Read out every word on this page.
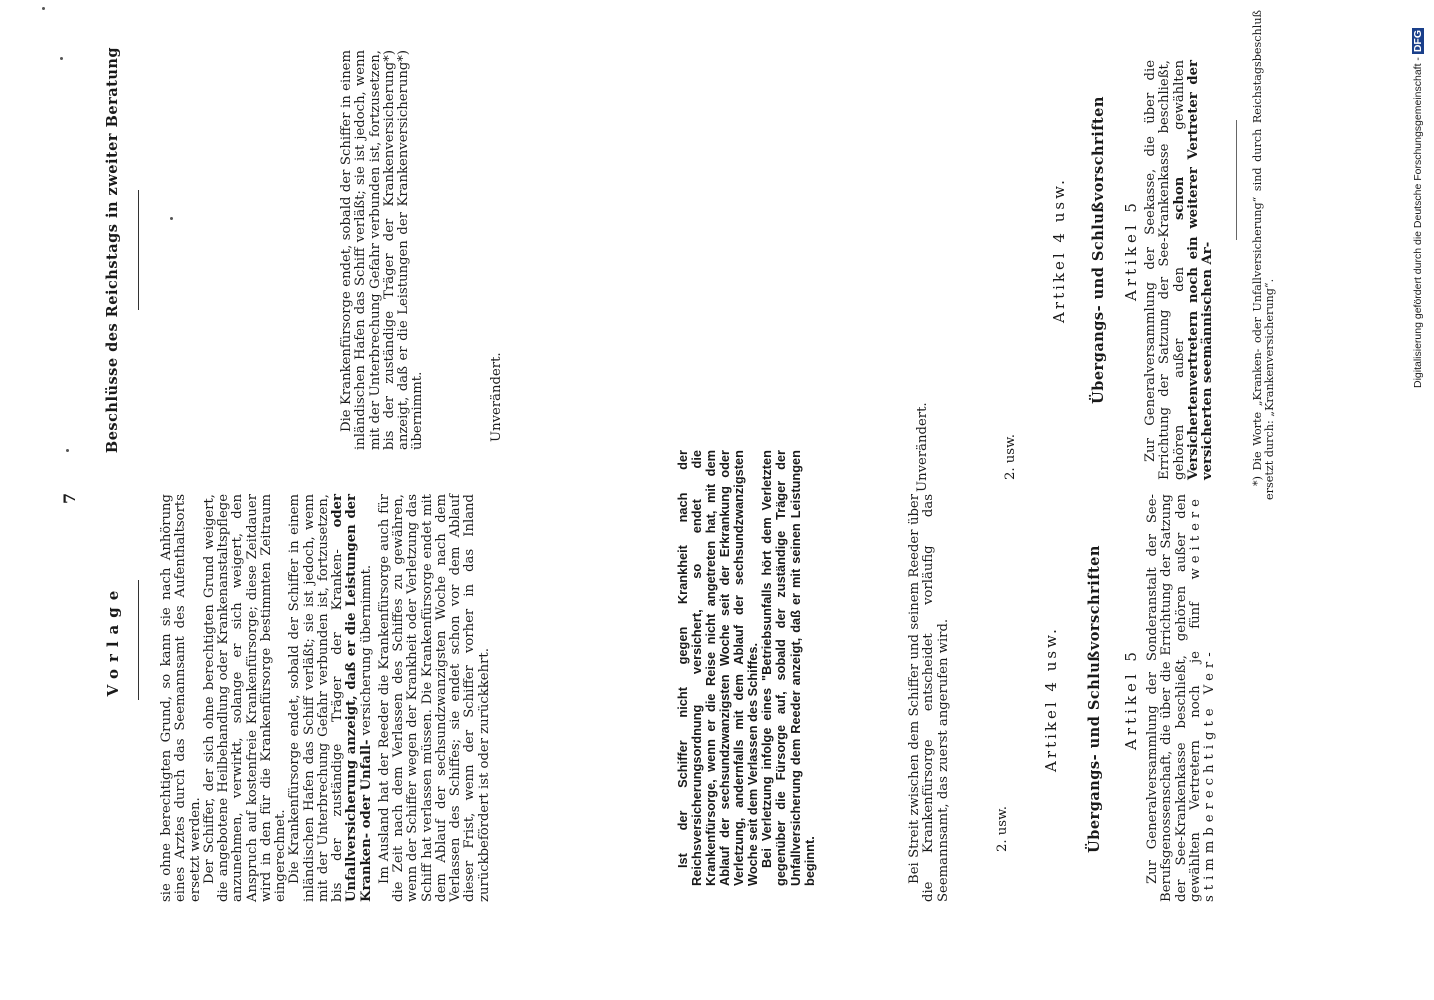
7
Vorlage	sie ohne berechtigten Grund, so kann sie nach Anhörung eines Arztes durch das Seemannsamt des Aufenthaltsorts ersetzt werden. Der Schiffer, der sich ohne berechtigten Grund weigert, die angebotene Heilbehandlung oder Krankenanstaltspflege anzunehmen, verwirkt, solange er sich weigert, den Anspruch auf kostenfreie Krankenfürsorge; diese Zeitdauer wird in den für die Krankenfürsorge bestimmten Zeitraum eingerechnet. Die Krankenfürsorge endet, sobald der Schiffer in einem inländischen Hafen das Schiff verläßt; sie ist jedoch, wenn mit der Unterbrechung Gefahr verbunden ist, fortzusetzen, bis der zuständige Träger der Kranken- oder Unfallversicherung anzeigt, daß er die Leistungen der Kranken- oder Unfall- versicherung übernimmt. Im Ausland hat der Reeder die Krankenfürsorge auch für die Zeit nach dem Verlassen des Schiffes zu gewähren, wenn der Schiffer wegen der Krankheit oder Verletzung das Schiff hat verlassen müssen. Die Krankenfürsorge endet mit dem Ablauf der sechsundzwanzigsten Woche nach dem Verlassen des Schiffes; sie endet schon vor dem Ablauf dieser Frist, wenn der Schiffer vorher in das Inland zurückbefördert ist oder zurückkehrt.	Bei Streit zwischen dem Schiffer und seinem Reeder über die Krankenfürsorge entscheidet vorläufig das Seemannsamt, das zuerst angerufen wird.	2. usw.
Artikel 4 usw. Übergangs- und Schlußvorschriften Artikel 5 Zur Generalversammlung der Sonderanstalt der See-Berufsgenossenschaft, die über die Errichtung der Satzung der See-Krankenkasse beschließt, gehören außer den gewählten Vertretern noch je fünf weitere stimmberechtigte Ver-
Beschlüsse des Reichstags in zweiter Beratung	Die Krankenfürsorge endet, sobald der Schiffer in einem inländischen Hafen das Schiff verläßt; sie ist jedoch, wenn mit der Unterbrechung Gefahr verbunden ist, fortzusetzen, bis der zuständige Träger der Krankenversicherung*) anzeigt, daß er die Leistungen der Krankenversicherung*) übernimmt.	Unverändert.

Ist der Schiffer nicht gegen Krankheit nach der Reichsversicherungsordnung versichert, so endet die Krankenfürsorge, wenn er die Reise nicht angetreten hat, mit dem Ablauf der sechsundzwanzigsten Woche seit der Erkrankung oder Verletzung, andernfalls mit dem Ablauf der sechsundzwanzigsten Woche seit dem Verlassen des Schiffes. Bei Verletzung infolge eines "Betriebsunfalls hört dem Verletzten gegenüber die Fürsorge auf, sobald der zuständige Träger der Unfallversicherung dem Reeder anzeigt, daß er mit seinen Leistungen beginnt.

Unverändert.	2. usw.
Artikel 4 usw. Übergangs- und Schlußvorschriften Artikel 5 Zur Generalversammlung der Seekasse, die über die Errichtung der Satzung der See-Krankenkasse beschließt, gehören außer den schon gewählten Versichertenvertretern noch ein weiterer Vertreter der versicherten seemännischen Ar-	*) Die Worte „Kranken- oder Unfallversicherung“ sind durch Reichstagsbeschluß ersetzt durch: „Krankenversicherung“.
Digitalisierung gefördert durch die Deutsche Forschungsgemeinschaft - DFG
